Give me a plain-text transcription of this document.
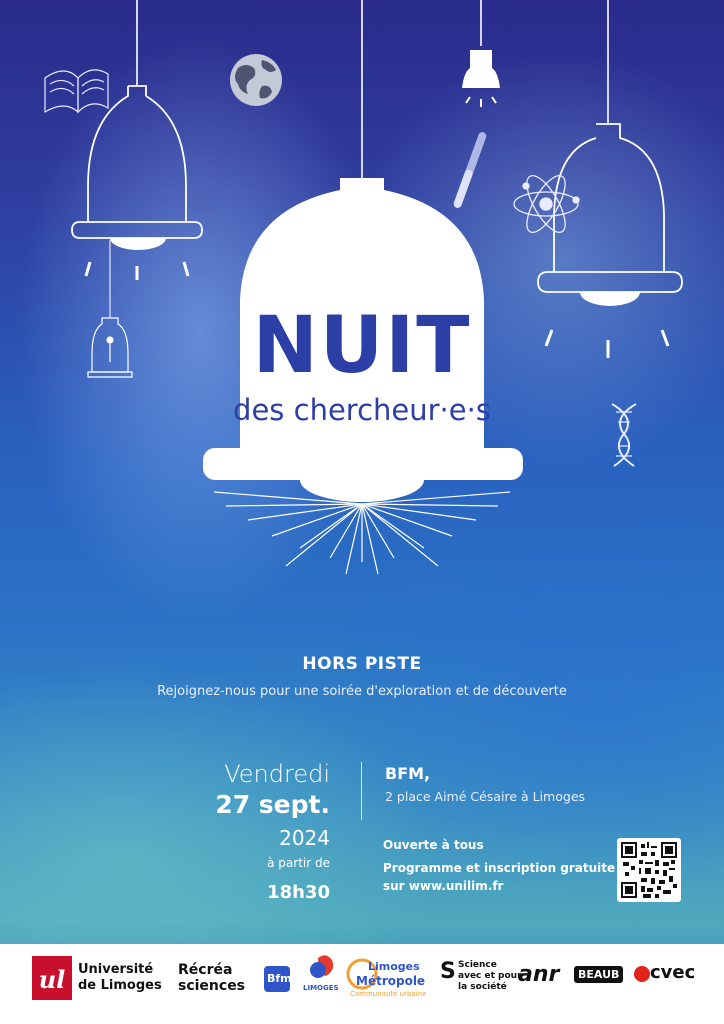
NUIT
des chercheur·e·s
HORS PISTE
Rejoignez-nous pour une soirée d'exploration et de découverte
Vendredi
27 sept.
2024
à partir de
18h30
BFM,
2 place Aimé Césaire à Limoges
Ouverte à tous
Programme et inscription gratuite
sur www.unilim.fr
ul	S
Université
de Limoges
Récréa
sciences Bfm
LIMOGES
Limoges
Métropole
Communauté urbaine
Science
avec et pour
la société anr	BEAUB cvec
